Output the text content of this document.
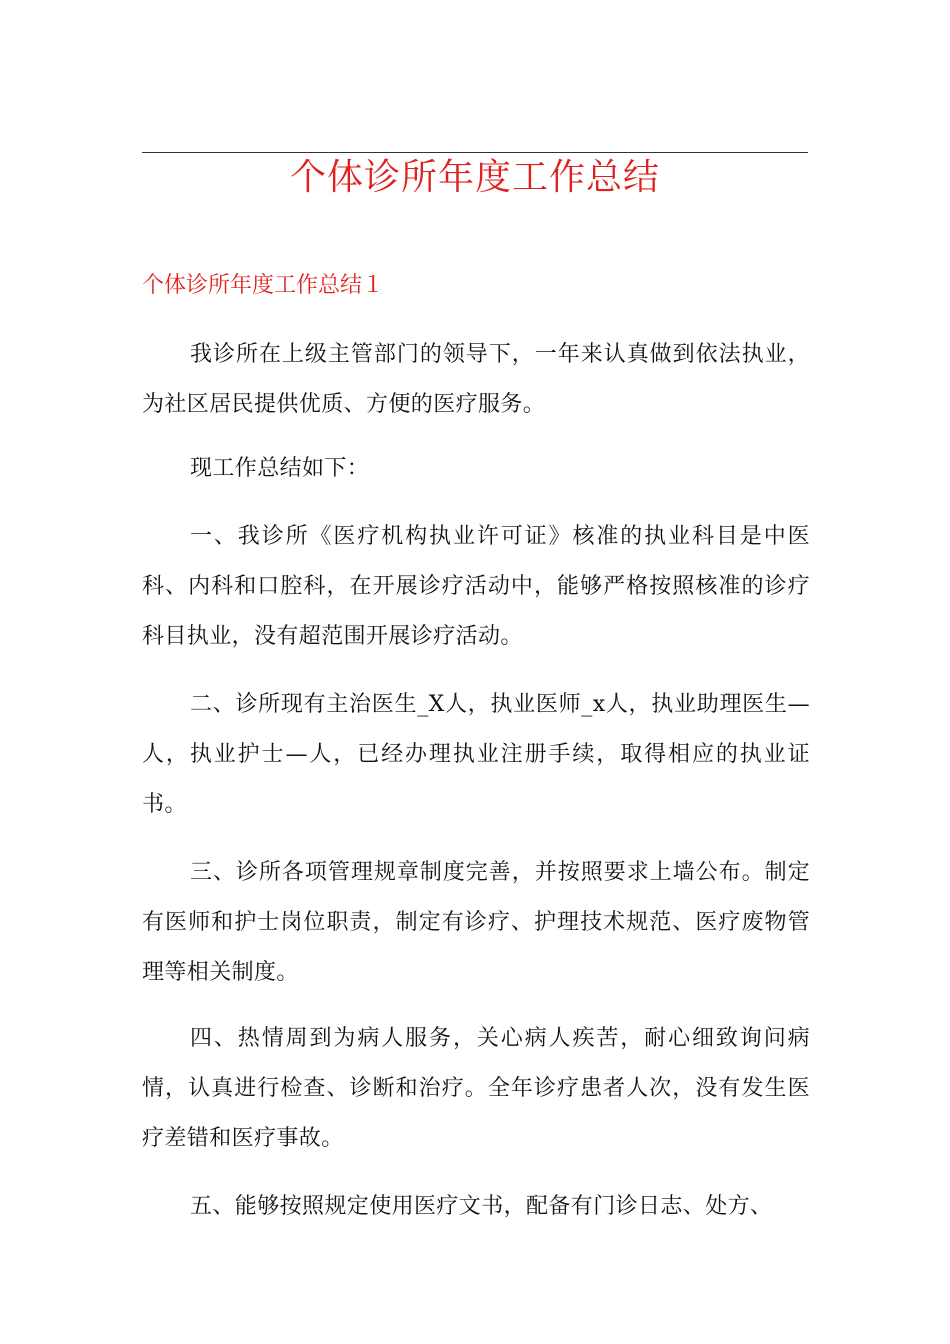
个体诊所年度工作总结
个体诊所年度工作总结１

我诊所在上级主管部门的领导下，一年来认真做到依法执业，为社区居民提供优质、方便的医疗服务。

现工作总结如下：

一、我诊所《医疗机构执业许可证》核准的执业科目是中医科、内科和口腔科，在开展诊疗活动中，能够严格按照核准的诊疗科目执业，没有超范围开展诊疗活动。

二、诊所现有主治医生_X人，执业医师_x人，执业助理医生—人，执业护士—人，已经办理执业注册手续，取得相应的执业证书。

三、诊所各项管理规章制度完善，并按照要求上墙公布。制定有医师和护士岗位职责，制定有诊疗、护理技术规范、医疗废物管理等相关制度。

四、热情周到为病人服务，关心病人疾苦，耐心细致询问病情，认真进行检查、诊断和治疗。全年诊疗患者人次，没有发生医疗差错和医疗事故。

五、能够按照规定使用医疗文书，配备有门诊日志、处方、
